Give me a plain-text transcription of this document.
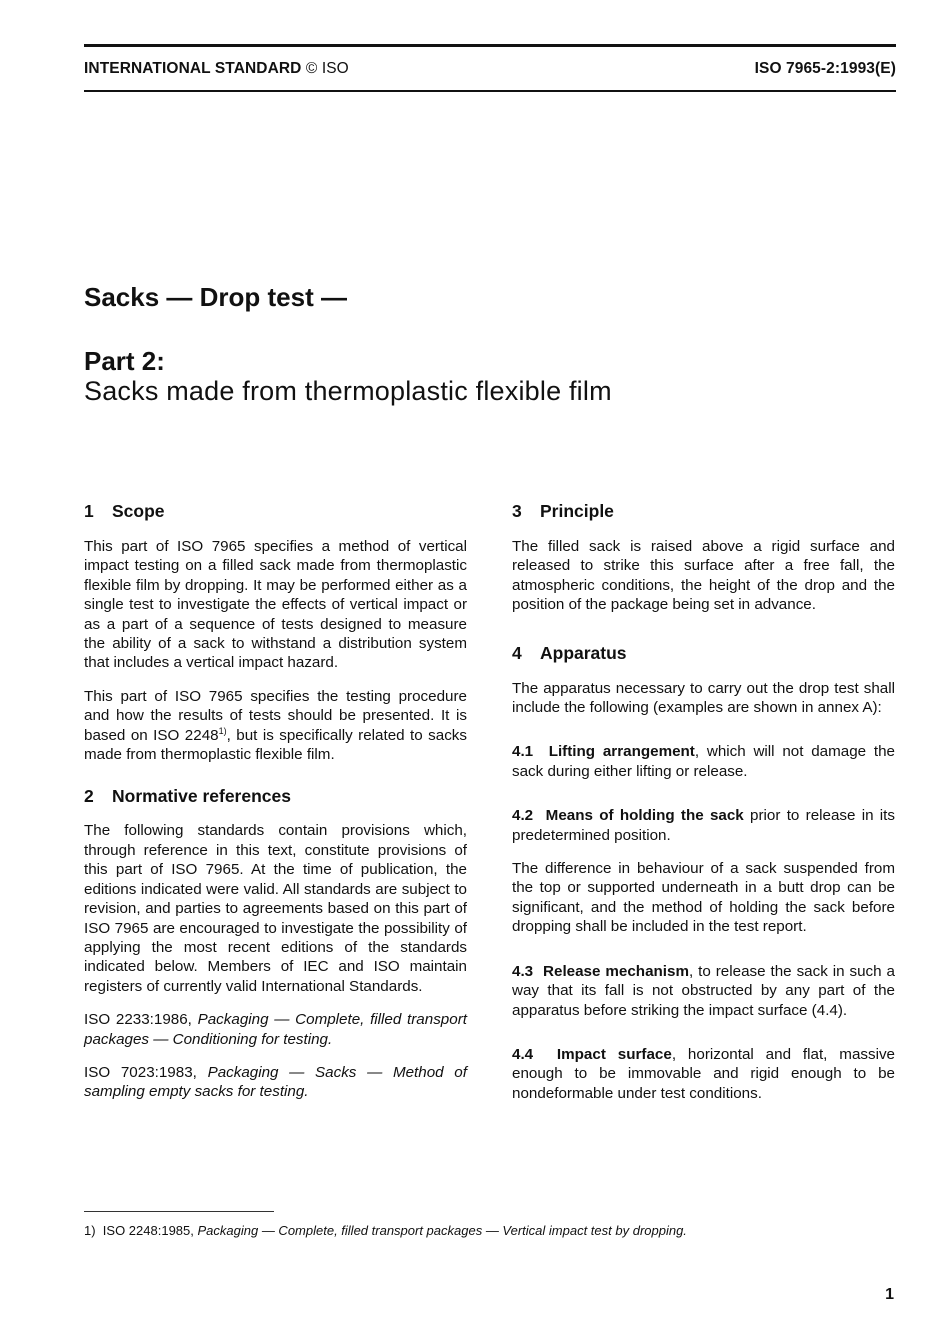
INTERNATIONAL STANDARD © ISO	ISO 7965-2:1993(E)
Sacks — Drop test —
Part 2:
Sacks made from thermoplastic flexible film
1 Scope

This part of ISO 7965 specifies a method of vertical impact testing on a filled sack made from thermoplastic flexible film by dropping. It may be performed either as a single test to investigate the effects of vertical impact or as a part of a sequence of tests designed to measure the ability of a sack to withstand a distribution system that includes a vertical impact hazard.

This part of ISO 7965 specifies the testing procedure and how the results of tests should be presented. It is based on ISO 2248$^{1)}$, but is specifically related to sacks made from thermoplastic flexible film.

2 Normative references

The following standards contain provisions which, through reference in this text, constitute provisions of this part of ISO 7965. At the time of publication, the editions indicated were valid. All standards are subject to revision, and parties to agreements based on this part of ISO 7965 are encouraged to investigate the possibility of applying the most recent editions of the standards indicated below. Members of IEC and ISO maintain registers of currently valid International Standards.

ISO 2233:1986, Packaging — Complete, filled transport packages — Conditioning for testing.

ISO 7023:1983, Packaging — Sacks — Method of sampling empty sacks for testing.

3 Principle

The filled sack is raised above a rigid surface and released to strike this surface after a free fall, the atmospheric conditions, the height of the drop and the position of the package being set in advance.

4 Apparatus

The apparatus necessary to carry out the drop test shall include the following (examples are shown in annex A):

4.1 Lifting arrangement, which will not damage the sack during either lifting or release.

4.2 Means of holding the sack prior to release in its predetermined position.

The difference in behaviour of a sack suspended from the top or supported underneath in a butt drop can be significant, and the method of holding the sack before dropping shall be included in the test report.

4.3 Release mechanism, to release the sack in such a way that its fall is not obstructed by any part of the apparatus before striking the impact surface (4.4).

4.4 Impact surface, horizontal and flat, massive enough to be immovable and rigid enough to be nondeformable under test conditions.

1) ISO 2248:1985, Packaging — Complete, filled transport packages — Vertical impact test by dropping.
1
